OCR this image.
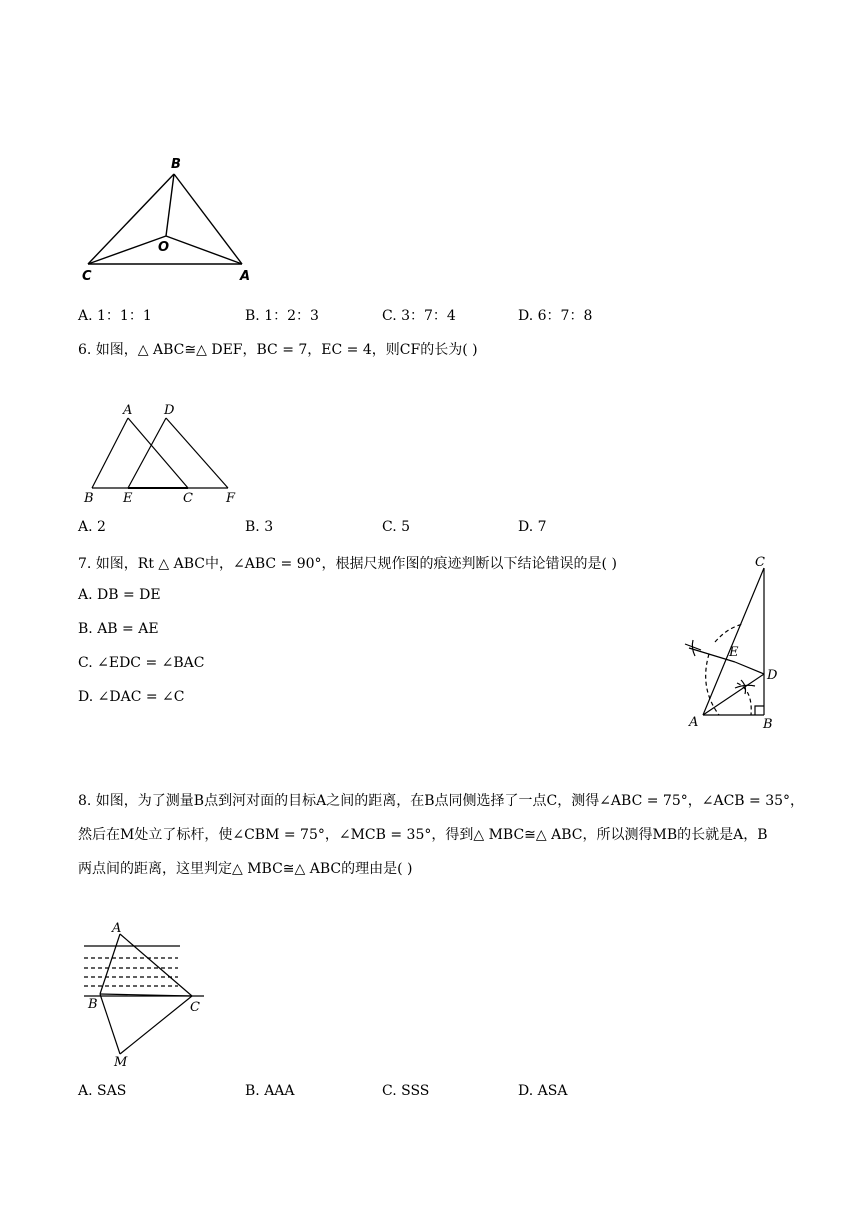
B
O
C	A
A. 1：1：1	B. 1：2：3	C. 3：7：4	D. 6：7：8
6. 如图，△ ABC≅△ DEF，BC = 7，EC = 4，则CF的长为( )
A D
B E	C	F
A. 2	B. 3	C. 5	D. 7
7. 如图，Rt △ ABC中，∠ABC = 90°，根据尺规作图的痕迹判断以下结论错误的是( )
A. DB = DE
B. AB = AE
C. ∠EDC = ∠BAC
D. ∠DAC = ∠C
C
E
D
A	B
8. 如图，为了测量B点到河对面的目标A之间的距离，在B点同侧选择了一点C，测得∠ABC = 75°，∠ACB = 35°，
然后在M处立了标杆，使∠CBM = 75°，∠MCB = 35°，得到△ MBC≅△ ABC，所以测得MB的长就是A，B
两点间的距离，这里判定△ MBC≅△ ABC的理由是( )
A
B	C
M
A. SAS	B. AAA	C. SSS	D. ASA
